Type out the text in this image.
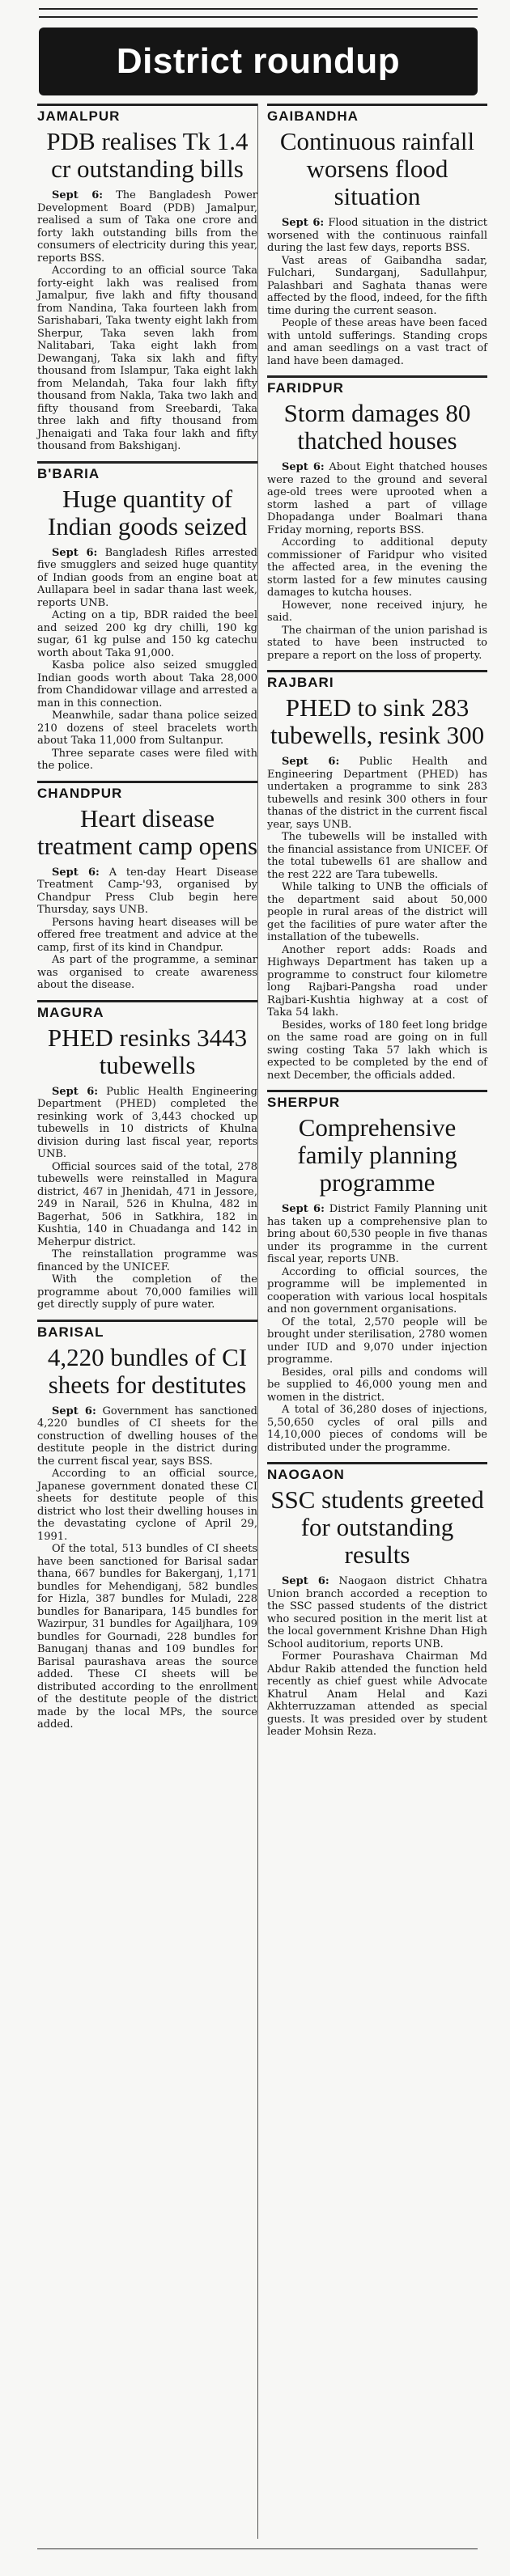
District roundup
JAMALPUR
PDB realises Tk 1.4 cr outstanding bills

Sept 6: The Bangladesh Power Development Board (PDB) Jamalpur, realised a sum of Taka one crore and forty lakh outstanding bills from the consumers of electricity during this year, reports BSS.

According to an official source Taka forty-eight lakh was realised from Jamalpur, five lakh and fifty thousand from Nandina, Taka fourteen lakh from Sarishabari, Taka twenty eight lakh from Sherpur, Taka seven lakh from Nalitabari, Taka eight lakh from Dewanganj, Taka six lakh and fifty thousand from Islampur, Taka eight lakh from Melandah, Taka four lakh fifty thousand from Nakla, Taka two lakh and fifty thousand from Sreebardi, Taka three lakh and fifty thousand from Jhenaigati and Taka four lakh and fifty thousand from Bakshiganj.

B'BARIA
Huge quantity of Indian goods seized

Sept 6: Bangladesh Rifles arrested five smugglers and seized huge quantity of Indian goods from an engine boat at Aullapara beel in sadar thana last week, reports UNB.

Acting on a tip, BDR raided the beel and seized 200 kg dry chilli, 190 kg sugar, 61 kg pulse and 150 kg catechu worth about Taka 91,000.

Kasba police also seized smuggled Indian goods worth about Taka 28,000 from Chandidowar village and arrested a man in this connection.

Meanwhile, sadar thana police seized 210 dozens of steel bracelets worth about Taka 11,000 from Sultanpur.

Three separate cases were filed with the police.

CHANDPUR
Heart disease treatment camp opens

Sept 6: A ten-day Heart Disease Treatment Camp-'93, organised by Chandpur Press Club begin here Thursday, says UNB.

Persons having heart diseases will be offered free treatment and advice at the camp, first of its kind in Chandpur.

As part of the programme, a seminar was organised to create awareness about the disease.

MAGURA
PHED resinks 3443 tubewells

Sept 6: Public Health Engineering Department (PHED) completed the resinking work of 3,443 chocked up tubewells in 10 districts of Khulna division during last fiscal year, reports UNB.

Official sources said of the total, 278 tubewells were reinstalled in Magura district, 467 in Jhenidah, 471 in Jessore, 249 in Narail, 526 in Khulna, 482 in Bagerhat, 506 in Satkhira, 182 in Kushtia, 140 in Chuadanga and 142 in Meherpur district.

The reinstallation programme was financed by the UNICEF.

With the completion of the programme about 70,000 families will get directly supply of pure water.

BARISAL
4,220 bundles of CI sheets for destitutes

Sept 6: Government has sanctioned 4,220 bundles of CI sheets for the construction of dwelling houses of the destitute people in the district during the current fiscal year, says BSS.

According to an official source, Japanese government donated these CI sheets for destitute people of this district who lost their dwelling houses in the devastating cyclone of April 29, 1991.

Of the total, 513 bundles of CI sheets have been sanctioned for Barisal sadar thana, 667 bundles for Bakerganj, 1,171 bundles for Mehendiganj, 582 bundles for Hizla, 387 bundles for Muladi, 228 bundles for Banaripara, 145 bundles for Wazirpur, 31 bundles for Agailjhara, 109 bundles for Gournadi, 228 bundles for Banuganj thanas and 109 bundles for Barisal paurashava areas the source added. These CI sheets will be distributed according to the enrollment of the destitute people of the district made by the local MPs, the source added.

GAIBANDHA
Continuous rainfall worsens flood situation

Sept 6: Flood situation in the district worsened with the continuous rainfall during the last few days, reports BSS.

Vast areas of Gaibandha sadar, Fulchari, Sundarganj, Sadullahpur, Palashbari and Saghata thanas were affected by the flood, indeed, for the fifth time during the current season.

People of these areas have been faced with untold sufferings. Standing crops and aman seedlings on a vast tract of land have been damaged.

FARIDPUR
Storm damages 80 thatched houses

Sept 6: About Eight thatched houses were razed to the ground and several age-old trees were uprooted when a storm lashed a part of village Dhopadanga under Boalmari thana Friday morning, reports BSS.

According to additional deputy commissioner of Faridpur who visited the affected area, in the evening the storm lasted for a few minutes causing damages to kutcha houses.

However, none received injury, he said.

The chairman of the union parishad is stated to have been instructed to prepare a report on the loss of property.

RAJBARI
PHED to sink 283 tubewells, resink 300

Sept 6: Public Health and Engineering Department (PHED) has undertaken a programme to sink 283 tubewells and resink 300 others in four thanas of the district in the current fiscal year, says UNB.

The tubewells will be installed with the financial assistance from UNICEF. Of the total tubewells 61 are shallow and the rest 222 are Tara tubewells.

While talking to UNB the officials of the department said about 50,000 people in rural areas of the district will get the facilities of pure water after the installation of the tubewells.

Another report adds: Roads and Highways Department has taken up a programme to construct four kilometre long Rajbari-Pangsha road under Rajbari-Kushtia highway at a cost of Taka 54 lakh.

Besides, works of 180 feet long bridge on the same road are going on in full swing costing Taka 57 lakh which is expected to be completed by the end of next December, the officials added.

SHERPUR
Comprehensive family planning programme

Sept 6: District Family Planning unit has taken up a comprehensive plan to bring about 60,530 people in five thanas under its programme in the current fiscal year, reports UNB.

According to official sources, the programme will be implemented in cooperation with various local hospitals and non government organisations.

Of the total, 2,570 people will be brought under sterilisation, 2780 women under IUD and 9,070 under injection programme.

Besides, oral pills and condoms will be supplied to 46,000 young men and women in the district.

A total of 36,280 doses of injections, 5,50,650 cycles of oral pills and 14,10,000 pieces of condoms will be distributed under the programme.

NAOGAON
SSC students greeted for outstanding results

Sept 6: Naogaon district Chhatra Union branch accorded a reception to the SSC passed students of the district who secured position in the merit list at the local government Krishne Dhan High School auditorium, reports UNB.

Former Pourashava Chairman Md Abdur Rakib attended the function held recently as chief guest while Advocate Khatrul Anam Helal and Kazi Akhterruzzaman attended as special guests. It was presided over by student leader Mohsin Reza.
